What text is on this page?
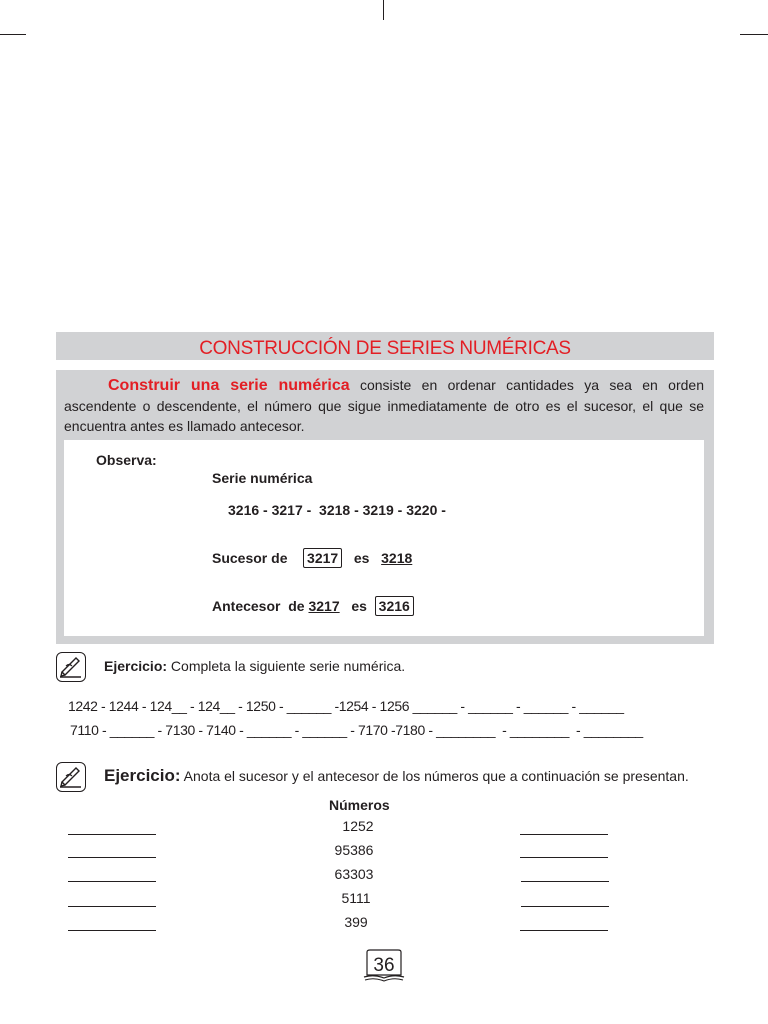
CONSTRUCCIÓN DE SERIES NUMÉRICAS
Construir una serie numérica consiste en ordenar cantidades ya sea en orden ascendente o descendente, el número que sigue inmediatamente de otro es el sucesor, el que se encuentra antes es llamado antecesor.
Observa:
Serie numérica
3216 - 3217 -  3218 - 3219 - 3220 -
Sucesor de 3217 es 3218
Antecesor  de 3217 es 3216
Ejercicio: Completa la siguiente serie numérica.
1242 - 1244 - 124__ - 124__ - 1250 - ______ -1254 - 1256 ______ - ______ - ______ - ______
7110 - ______ - 7130 - 7140 - ______ - ______ - 7170 -7180 - ________  - ________  - ________
Ejercicio: Anota el sucesor y el antecesor de los números que a continuación se presentan.
Números
1252
95386
63303
5111
399
36
